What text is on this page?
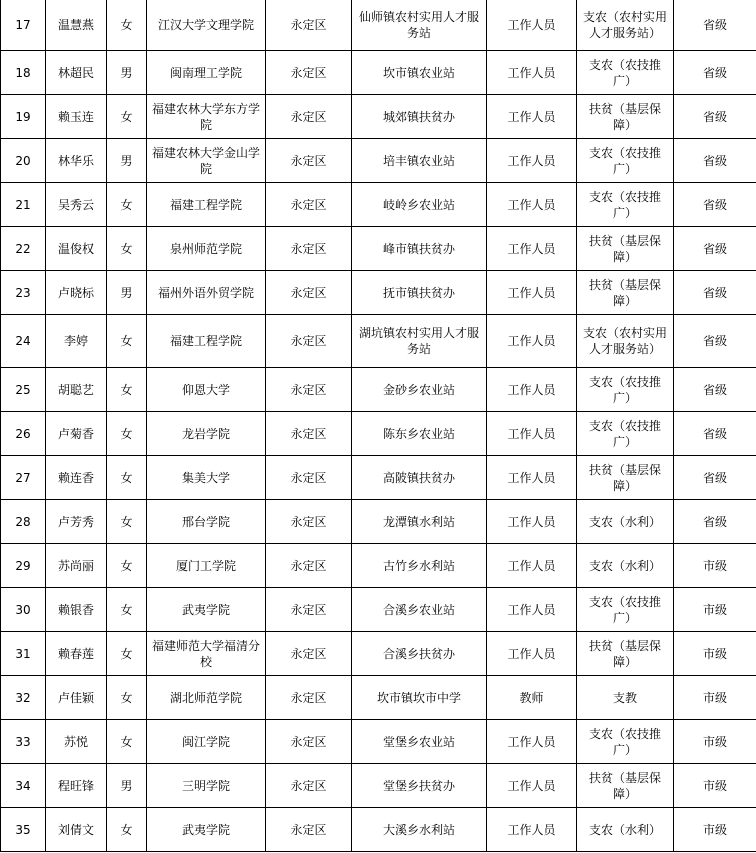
17	温慧燕	女	江汉大学文理学院	永定区	仙师镇农村实用人才服务站	工作人员	支农（农村实用人才服务站）	省级
18	林超民	男	闽南理工学院	永定区	坎市镇农业站	工作人员	支农（农技推广）	省级
19	赖玉连	女	福建农林大学东方学院	永定区	城郊镇扶贫办	工作人员	扶贫（基层保障）	省级
20	林华乐	男	福建农林大学金山学院	永定区	培丰镇农业站	工作人员	支农（农技推广）	省级
21	吴秀云	女	福建工程学院	永定区	岐岭乡农业站	工作人员	支农（农技推广）	省级
22	温俊权	女	泉州师范学院	永定区	峰市镇扶贫办	工作人员	扶贫（基层保障）	省级
23	卢晓标	男	福州外语外贸学院	永定区	抚市镇扶贫办	工作人员	扶贫（基层保障）	省级
24	李婷	女	福建工程学院	永定区	湖坑镇农村实用人才服务站	工作人员	支农（农村实用人才服务站）	省级
25	胡聪艺	女	仰恩大学	永定区	金砂乡农业站	工作人员	支农（农技推广）	省级
26	卢菊香	女	龙岩学院	永定区	陈东乡农业站	工作人员	支农（农技推广）	省级
27	赖连香	女	集美大学	永定区	高陂镇扶贫办	工作人员	扶贫（基层保障）	省级
28	卢芳秀	女	邢台学院	永定区	龙潭镇水利站	工作人员	支农（水利）	省级
29	苏尚丽	女	厦门工学院	永定区	古竹乡水利站	工作人员	支农（水利）	市级
30	赖银香	女	武夷学院	永定区	合溪乡农业站	工作人员	支农（农技推广）	市级
31	赖春莲	女	福建师范大学福清分校	永定区	合溪乡扶贫办	工作人员	扶贫（基层保障）	市级
32	卢佳颖	女	湖北师范学院	永定区	坎市镇坎市中学	教师	支教	市级
33	苏悦	女	闽江学院	永定区	堂堡乡农业站	工作人员	支农（农技推广）	市级
34	程旺锋	男	三明学院	永定区	堂堡乡扶贫办	工作人员	扶贫（基层保障）	市级
35	刘倩文	女	武夷学院	永定区	大溪乡水利站	工作人员	支农（水利）	市级
